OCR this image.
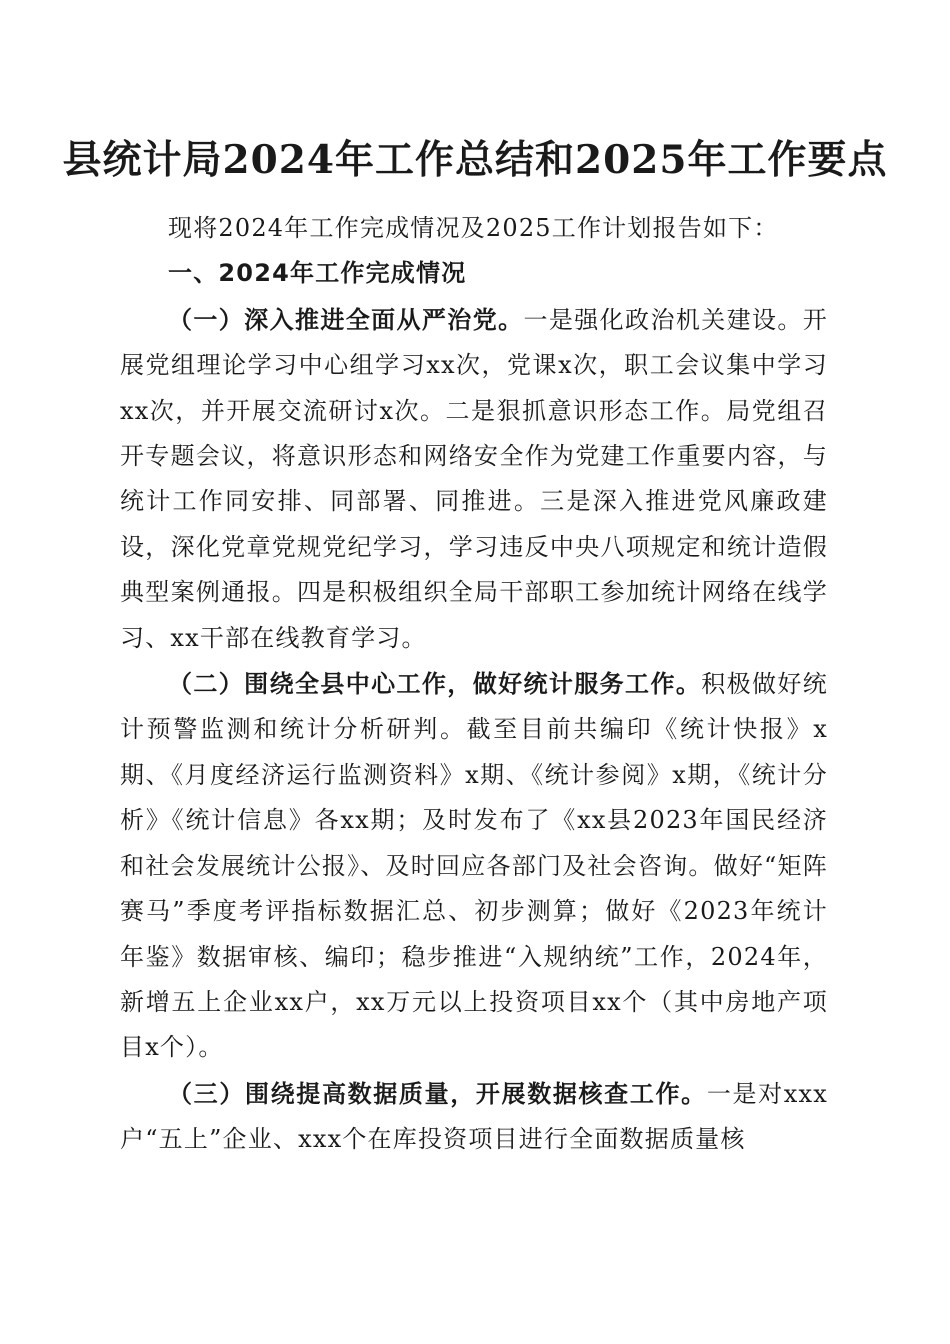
县统计局2024年工作总结和2025年工作要点

现将2024年工作完成情况及2025工作计划报告如下：

一、2024年工作完成情况

（一）深入推进全面从严治党。一是强化政治机关建设。开展党组理论学习中心组学习xx次，党课x次，职工会议集中学习xx次，并开展交流研讨x次。二是狠抓意识形态工作。局党组召开专题会议，将意识形态和网络安全作为党建工作重要内容，与统计工作同安排、同部署、同推进。三是深入推进党风廉政建设，深化党章党规党纪学习，学习违反中央八项规定和统计造假典型案例通报。四是积极组织全局干部职工参加统计网络在线学习、xx干部在线教育学习。

（二）围绕全县中心工作，做好统计服务工作。积极做好统计预警监测和统计分析研判。截至目前共编印《统计快报》x期、《月度经济运行监测资料》x期、《统计参阅》x期，《统计分析》《统计信息》各xx期；及时发布了《xx县2023年国民经济和社会发展统计公报》、及时回应各部门及社会咨询。做好“矩阵赛马”季度考评指标数据汇总、初步测算；做好《2023年统计年鉴》数据审核、编印；稳步推进“入规纳统”工作，2024年，新增五上企业xx户，xx万元以上投资项目xx个（其中房地产项目x个）。

（三）围绕提高数据质量，开展数据核查工作。一是对xxx户“五上”企业、xxx个在库投资项目进行全面数据质量核
